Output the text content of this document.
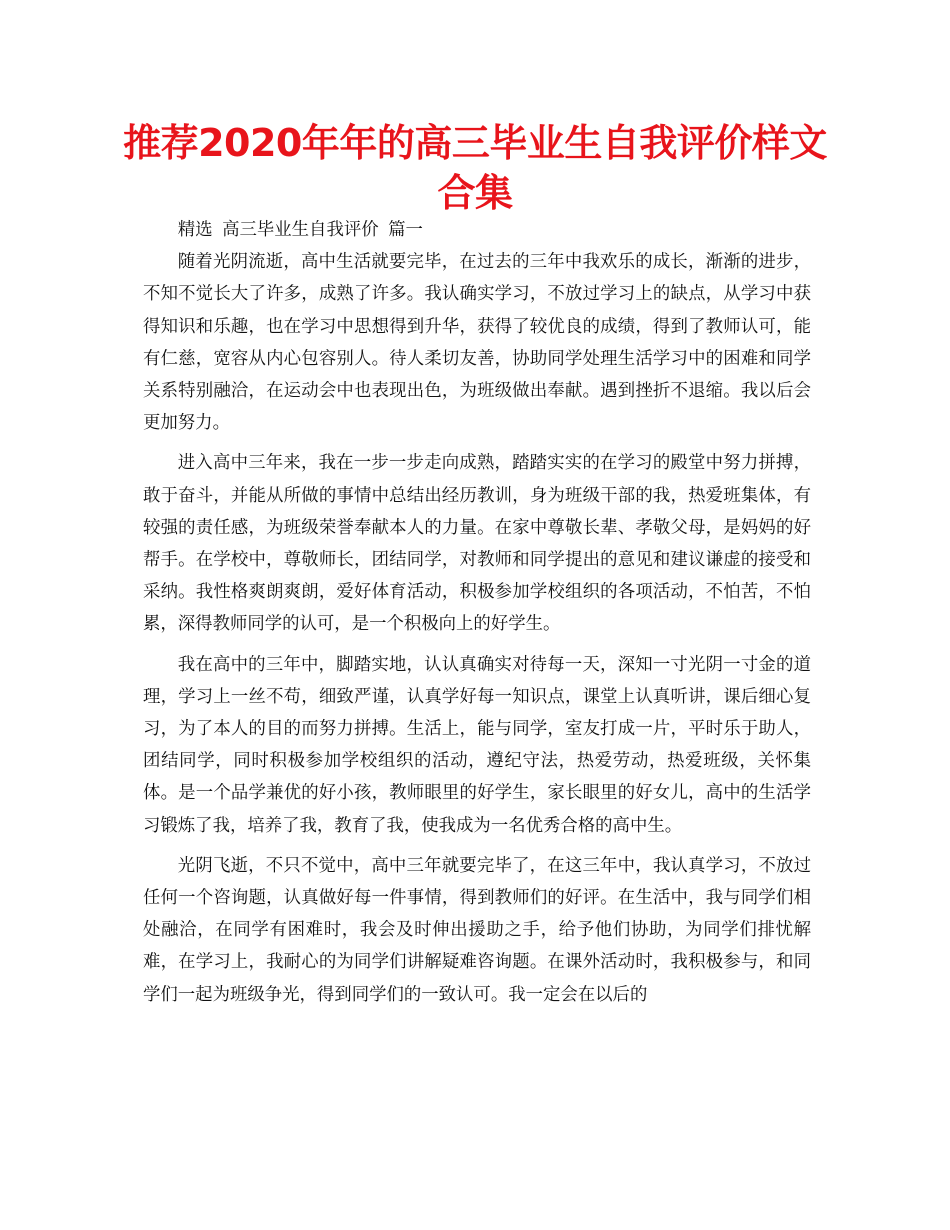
推荐2020年年的高三毕业生自我评价样文合集

精选 高三毕业生自我评价 篇一

随着光阴流逝，高中生活就要完毕，在过去的三年中我欢乐的成长，渐渐的进步，不知不觉长大了许多，成熟了许多。我认确实学习，不放过学习上的缺点，从学习中获得知识和乐趣，也在学习中思想得到升华，获得了较优良的成绩，得到了教师认可，能有仁慈，宽容从内心包容别人。待人柔切友善，协助同学处理生活学习中的困难和同学关系特别融洽，在运动会中也表现出色，为班级做出奉献。遇到挫折不退缩。我以后会更加努力。

进入高中三年来，我在一步一步走向成熟，踏踏实实的在学习的殿堂中努力拼搏，敢于奋斗，并能从所做的事情中总结出经历教训，身为班级干部的我，热爱班集体，有较强的责任感，为班级荣誉奉献本人的力量。在家中尊敬长辈、孝敬父母，是妈妈的好帮手。在学校中，尊敬师长，团结同学，对教师和同学提出的意见和建议谦虚的接受和采纳。我性格爽朗爽朗，爱好体育活动，积极参加学校组织的各项活动，不怕苦，不怕累，深得教师同学的认可，是一个积极向上的好学生。

我在高中的三年中，脚踏实地，认认真确实对待每一天，深知一寸光阴一寸金的道理，学习上一丝不苟，细致严谨，认真学好每一知识点，课堂上认真听讲，课后细心复习，为了本人的目的而努力拼搏。生活上，能与同学，室友打成一片，平时乐于助人，团结同学，同时积极参加学校组织的活动，遵纪守法，热爱劳动，热爱班级，关怀集体。是一个品学兼优的好小孩，教师眼里的好学生，家长眼里的好女儿，高中的生活学习锻炼了我，培养了我，教育了我，使我成为一名优秀合格的高中生。

光阴飞逝，不只不觉中，高中三年就要完毕了，在这三年中，我认真学习，不放过任何一个咨询题，认真做好每一件事情，得到教师们的好评。在生活中，我与同学们相处融洽，在同学有困难时，我会及时伸出援助之手，给予他们协助，为同学们排忧解难，在学习上，我耐心的为同学们讲解疑难咨询题。在课外活动时，我积极参与，和同学们一起为班级争光，得到同学们的一致认可。我一定会在以后的
